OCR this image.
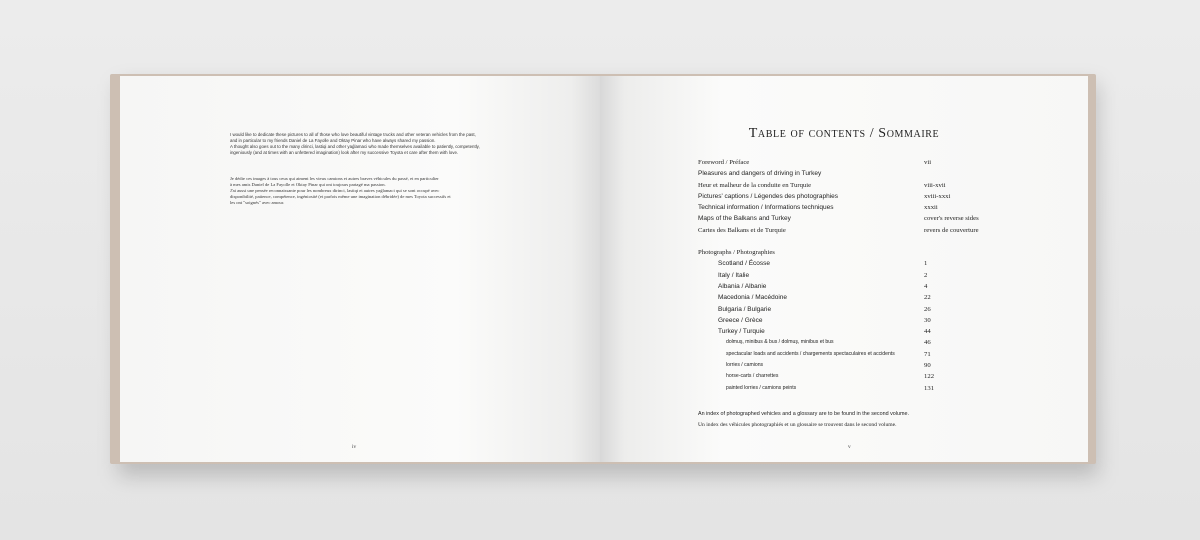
I would like to dedicate these pictures to all of those who love beautiful vintage trucks and other veteran vehicles from the past,

and in particular to my friends Daniel de La Fayolle and Oktay Pinar who have always shared my passion.

A thought also goes out to the many dirinci, lastiqi and other yaǵlamaci who made themselves available to patiently, competently,

ingeniously (and at times with an unfettered imagination) look after my successive Toyota et care after them with love.

Je dédie ces images à tous ceux qui aiment les vieux camions et autres braves véhicules du passé, et en particulier

à mes amis Daniel de La Fayolle et Oktay Pinar qui ont toujours partagé ma passion.

J'ai aussi une pensée reconnaissante pour les nombreux dirinci, lastiqi et autres yaǵlamaci qui se sont occupé avec

disponibilité, patience, compétence, ingéniosité (et parfois même une imagination débridée) de mes Toyota successifs et

les ont "soignés" avec amour.

iv
Table of contents / Sommaire
Foreword / Préface	vii
Pleasures and dangers of driving in Turkey
Heur et malheur de la conduite en Turquie	viii-xvii
Pictures' captions / Légendes des photographies	xviii-xxxi
Technical information / Informations techniques	xxxii
Maps of the Balkans and Turkey	cover's reverse sides
Cartes des Balkans et de Turquie	revers de couverture
Photographs / Photographies
Scotland / Écosse	1
Italy / Italie	2
Albania / Albanie	4
Macedonia / Macédoine	22
Bulgaria / Bulgarie	26
Greece / Grèce	30
Turkey / Turquie	44
dolmuş, minibus & bus / dolmuş, minibus et bus	46
spectacular loads and accidents / chargements spectaculaires et accidents	71
lorries / camions	90
horse-carts / charrettes	122
painted lorries / camions peints	131

An index of photographed vehicles and a glossary are to be found in the second volume.

Un index des véhicules photographiés et un glossaire se trouvent dans le second volume.

v
